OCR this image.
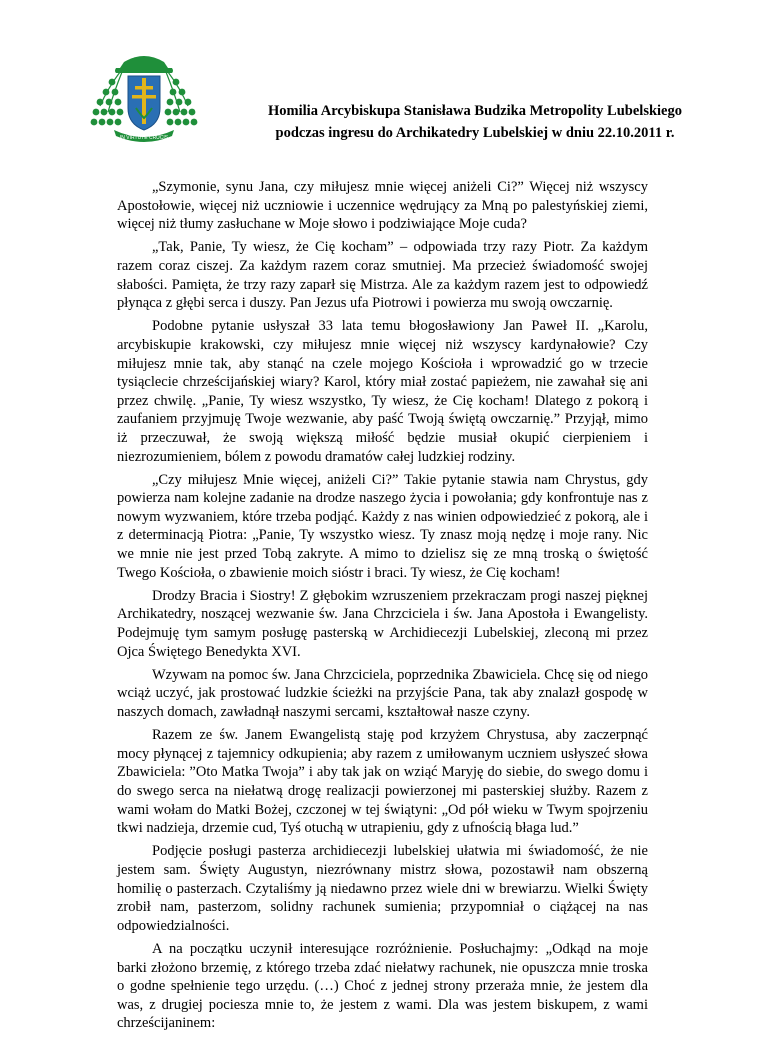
IN VIRTUTE CRUCIS
Homilia Arcybiskupa Stanisława Budzika Metropolity Lubelskiego
podczas ingresu do Archikatedry Lubelskiej w dniu 22.10.2011 r.

„Szymonie, synu Jana, czy miłujesz mnie więcej aniżeli Ci?” Więcej niż wszyscy Apostołowie, więcej niż uczniowie i uczennice wędrujący za Mną po palestyńskiej ziemi, więcej niż tłumy zasłuchane w Moje słowo i podziwiające Moje cuda?

„Tak, Panie, Ty wiesz, że Cię kocham” – odpowiada trzy razy Piotr. Za każdym razem coraz ciszej. Za każdym razem coraz smutniej. Ma przecież świadomość swojej słabości. Pamięta, że trzy razy zaparł się Mistrza. Ale za każdym razem jest to odpowiedź płynąca z głębi serca i duszy. Pan Jezus ufa Piotrowi i powierza mu swoją owczarnię.

Podobne pytanie usłyszał 33 lata temu błogosławiony Jan Paweł II. „Karolu, arcybiskupie krakowski, czy miłujesz mnie więcej niż wszyscy kardynałowie? Czy miłujesz mnie tak, aby stanąć na czele mojego Kościoła i wprowadzić go w trzecie tysiąclecie chrześcijańskiej wiary? Karol, który miał zostać papieżem, nie zawahał się ani przez chwilę. „Panie, Ty wiesz wszystko, Ty wiesz, że Cię kocham! Dlatego z pokorą i zaufaniem przyjmuję Twoje wezwanie, aby paść Twoją świętą owczarnię.” Przyjął, mimo iż przeczuwał, że swoją większą miłość będzie musiał okupić cierpieniem i niezrozumieniem, bólem z powodu dramatów całej ludzkiej rodziny.

„Czy miłujesz Mnie więcej, aniżeli Ci?” Takie pytanie stawia nam Chrystus, gdy powierza nam kolejne zadanie na drodze naszego życia i powołania; gdy konfrontuje nas z nowym wyzwaniem, które trzeba podjąć. Każdy z nas winien odpowiedzieć z pokorą, ale i z determinacją Piotra: „Panie, Ty wszystko wiesz. Ty znasz moją nędzę i moje rany. Nic we mnie nie jest przed Tobą zakryte. A mimo to dzielisz się ze mną troską o świętość Twego Kościoła, o zbawienie moich sióstr i braci. Ty wiesz, że Cię kocham!

Drodzy Bracia i Siostry! Z głębokim wzruszeniem przekraczam progi naszej pięknej Archikatedry, noszącej wezwanie św. Jana Chrzciciela i św. Jana Apostoła i Ewangelisty. Podejmuję tym samym posługę pasterską w Archidiecezji Lubelskiej, zleconą mi przez Ojca Świętego Benedykta XVI.

Wzywam na pomoc św. Jana Chrzciciela, poprzednika Zbawiciela. Chcę się od niego wciąż uczyć, jak prostować ludzkie ścieżki na przyjście Pana, tak aby znalazł gospodę w naszych domach, zawładnął naszymi sercami, kształtował nasze czyny.

Razem ze św. Janem Ewangelistą staję pod krzyżem Chrystusa, aby zaczerpnąć mocy płynącej z tajemnicy odkupienia; aby razem z umiłowanym uczniem usłyszeć słowa Zbawiciela: ”Oto Matka Twoja” i aby tak jak on wziąć Maryję do siebie, do swego domu i do swego serca na niełatwą drogę realizacji powierzonej mi pasterskiej służby. Razem z wami wołam do Matki Bożej, czczonej w tej świątyni: „Od pół wieku w Twym spojrzeniu tkwi nadzieja, drzemie cud, Tyś otuchą w utrapieniu, gdy z ufnością błaga lud.”

Podjęcie posługi pasterza archidiecezji lubelskiej ułatwia mi świadomość, że nie jestem sam. Święty Augustyn, niezrównany mistrz słowa, pozostawił nam obszerną homilię o pasterzach. Czytaliśmy ją niedawno przez wiele dni w brewiarzu. Wielki Święty zrobił nam, pasterzom, solidny rachunek sumienia; przypomniał o ciążącej na nas odpowiedzialności.

A na początku uczynił interesujące rozróżnienie. Posłuchajmy: „Odkąd na moje barki złożono brzemię, z którego trzeba zdać niełatwy rachunek, nie opuszcza mnie troska o godne spełnienie tego urzędu. (…) Choć z jednej strony przeraża mnie, że jestem dla was, z drugiej pociesza mnie to, że jestem z wami. Dla was jestem biskupem, z wami chrześcijaninem:
